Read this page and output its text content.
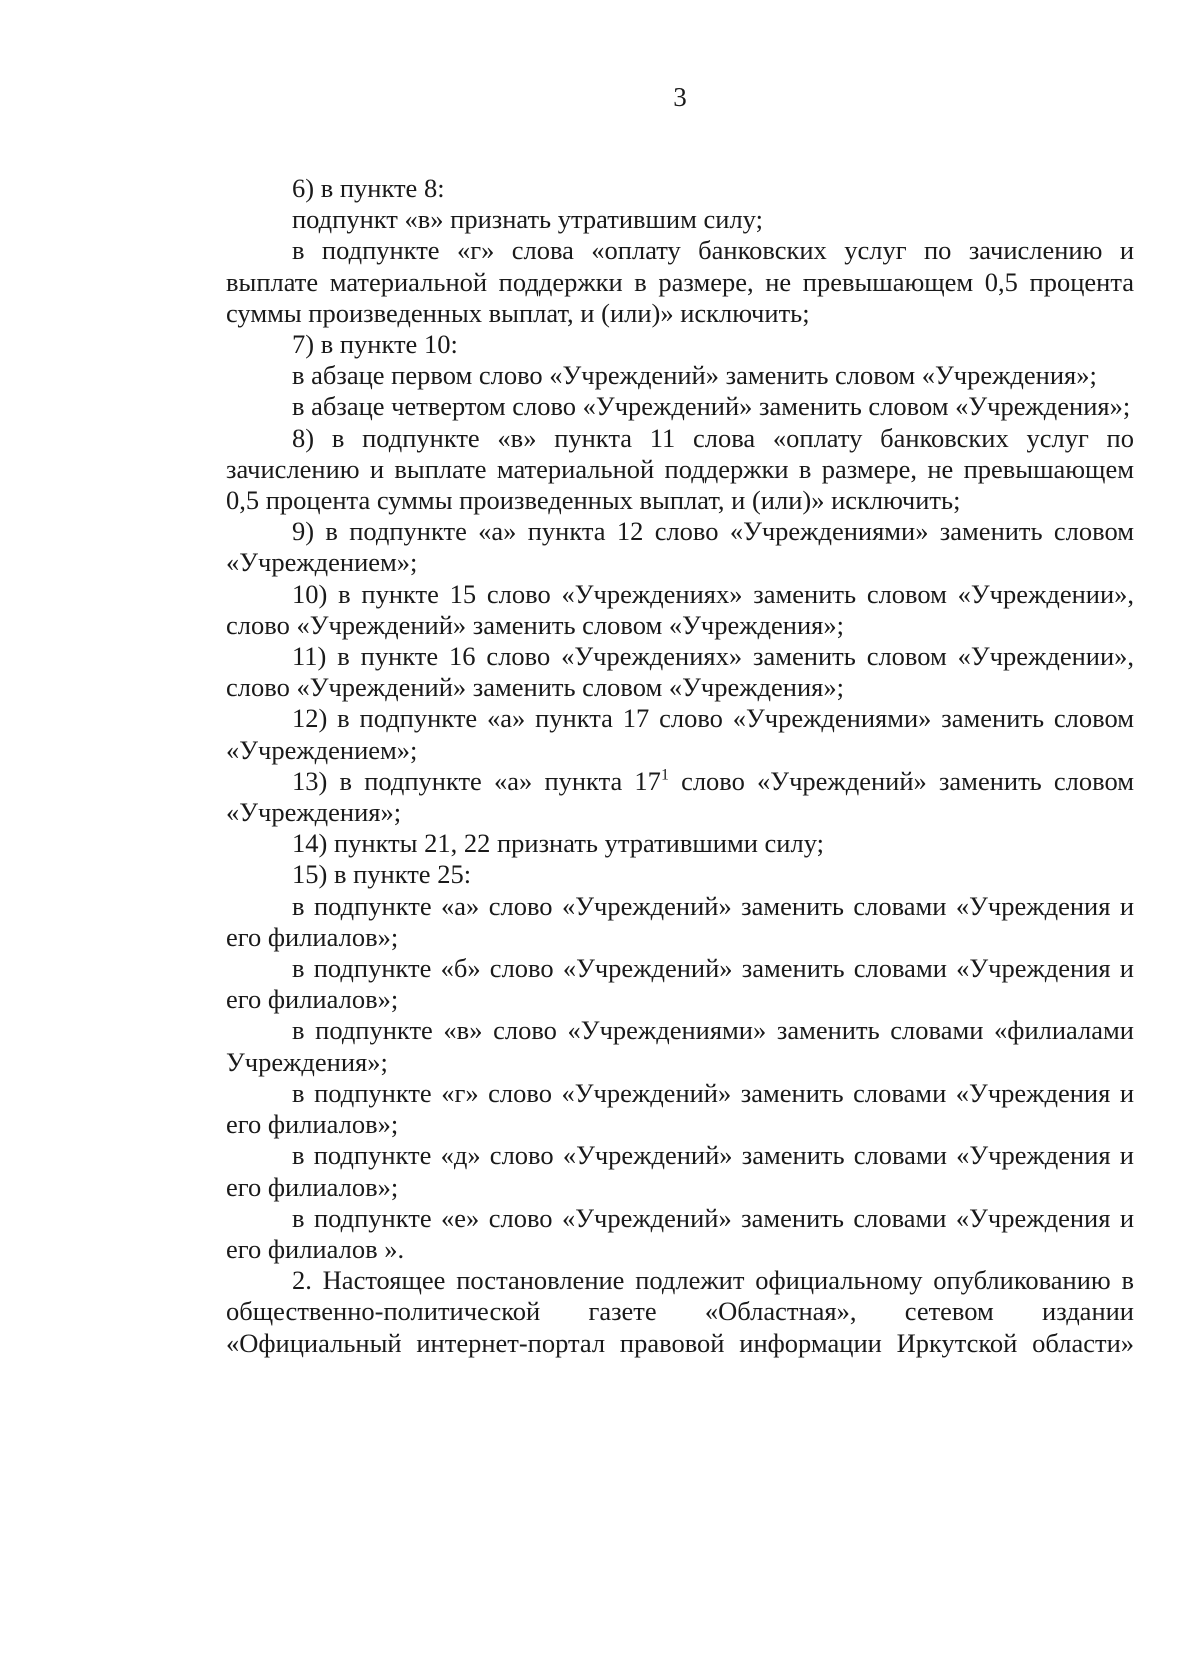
3

6) в пункте 8:

подпункт «в» признать утратившим силу;

в подпункте «г» слова «оплату банковских услуг по зачислению и выплате материальной поддержки в размере, не превышающем 0,5 процента суммы произведенных выплат, и (или)» исключить;

7) в пункте 10:

в абзаце первом слово «Учреждений» заменить словом «Учреждения»;

в абзаце четвертом слово «Учреждений» заменить словом «Учреждения»;

8) в подпункте «в» пункта 11 слова «оплату банковских услуг по зачислению и выплате материальной поддержки в размере, не превышающем 0,5 процента суммы произведенных выплат, и (или)» исключить;

9) в подпункте «а» пункта 12 слово «Учреждениями» заменить словом «Учреждением»;

10) в пункте 15 слово «Учреждениях» заменить словом «Учреждении», слово «Учреждений» заменить словом «Учреждения»;

11) в пункте 16 слово «Учреждениях» заменить словом «Учреждении», слово «Учреждений» заменить словом «Учреждения»;

12) в подпункте «а» пункта 17 слово «Учреждениями» заменить словом «Учреждением»;

13) в подпункте «а» пункта $17^1$ слово «Учреждений» заменить словом «Учреждения»;

14) пункты 21, 22 признать утратившими силу;

15) в пункте 25:

в подпункте «а» слово «Учреждений» заменить словами «Учреждения и его филиалов»;

в подпункте «б» слово «Учреждений» заменить словами «Учреждения и его филиалов»;

в подпункте «в» слово «Учреждениями» заменить словами «филиалами Учреждения»;

в подпункте «г» слово «Учреждений» заменить словами «Учреждения и его филиалов»;

в подпункте «д» слово «Учреждений» заменить словами «Учреждения и его филиалов»;

в подпункте «е» слово «Учреждений» заменить словами «Учреждения и его филиалов ».

2. Настоящее постановление подлежит официальному опубликованию в общественно-политической газете «Областная», сетевом издании «Официальный интернет-портал правовой информации Иркутской области»
